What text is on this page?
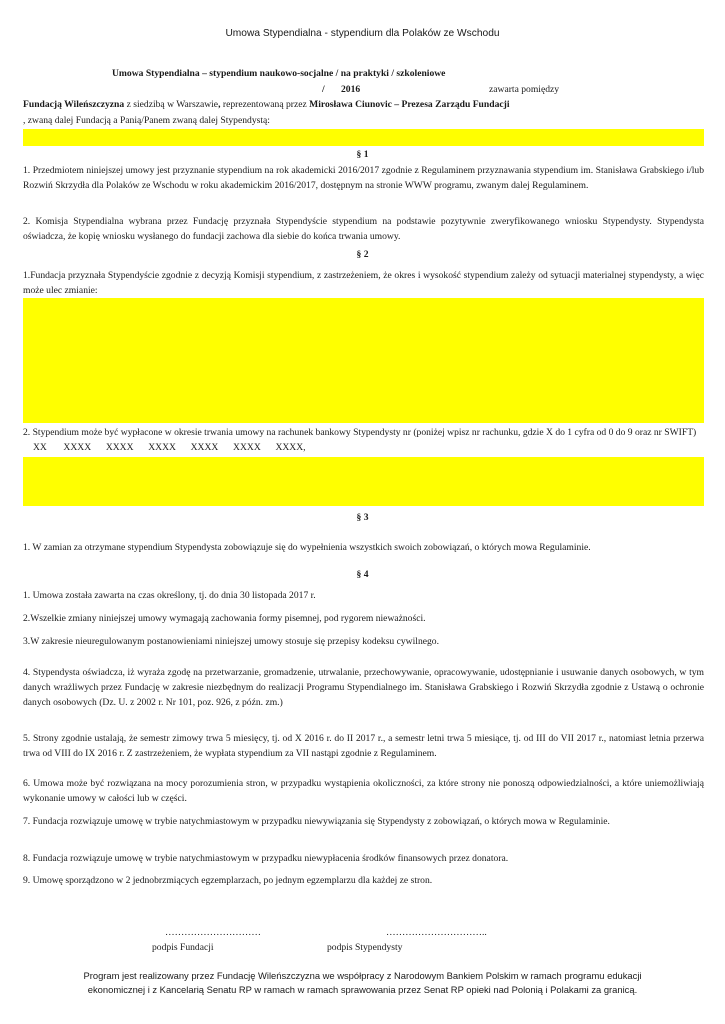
Umowa Stypendialna - stypendium dla Polaków ze Wschodu
Umowa Stypendialna – stypendium naukowo-socjalne / na praktyki / szkoleniowe
/ 2016	zawarta pomiędzy
Fundacją Wileńszczyzna z siedzibą w Warszawie, reprezentowaną przez Mirosława Ciunovic – Prezesa Zarządu Fundacji
, zwaną dalej Fundacją a Panią/Panem zwaną dalej Stypendystą:
§ 1
1. Przedmiotem niniejszej umowy jest przyznanie stypendium na rok akademicki 2016/2017 zgodnie z Regulaminem przyznawania stypendium im. Stanisława Grabskiego i/lub Rozwiń Skrzydła dla Polaków ze Wschodu w roku akademickim 2016/2017, dostępnym na stronie WWW programu, zwanym dalej Regulaminem.
2. Komisja Stypendialna wybrana przez Fundację przyznała Stypendyście stypendium na podstawie pozytywnie zweryfikowanego wniosku Stypendysty. Stypendysta oświadcza, że kopię wniosku wysłanego do fundacji zachowa dla siebie do końca trwania umowy.
§ 2
1.Fundacja przyznała Stypendyście zgodnie z decyzją Komisji stypendium, z zastrzeżeniem, że okres i wysokość stypendium zależy od sytuacji materialnej stypendysty, a więc może ulec zmianie:
2. Stypendium może być wypłacone w okresie trwania umowy na rachunek bankowy Stypendysty nr (poniżej wpisz nr rachunku, gdzie X do 1 cyfra od 0 do 9 oraz nr SWIFT) XX XXXX XXXX XXXX XXXX XXXX XXXX,
§ 3
1. W zamian za otrzymane stypendium Stypendysta zobowiązuje się do wypełnienia wszystkich swoich zobowiązań, o których mowa Regulaminie.
§ 4
1. Umowa została zawarta na czas określony, tj. do dnia 30 listopada 2017 r.
2.Wszelkie zmiany niniejszej umowy wymagają zachowania formy pisemnej, pod rygorem nieważności.
3.W zakresie nieuregulowanym postanowieniami niniejszej umowy stosuje się przepisy kodeksu cywilnego.
4. Stypendysta oświadcza, iż wyraża zgodę na przetwarzanie, gromadzenie, utrwalanie, przechowywanie, opracowywanie, udostępnianie i usuwanie danych osobowych, w tym danych wrażliwych przez Fundację w zakresie niezbędnym do realizacji Programu Stypendialnego im. Stanisława Grabskiego i Rozwiń Skrzydła zgodnie z Ustawą o ochronie danych osobowych (Dz. U. z 2002 r. Nr 101, poz. 926, z późn. zm.)
5. Strony zgodnie ustalają, że semestr zimowy trwa 5 miesięcy, tj. od X 2016 r. do II 2017 r., a semestr letni trwa 5 miesiące, tj. od III do VII 2017 r., natomiast letnia przerwa trwa od VIII do IX 2016 r. Z zastrzeżeniem, że wypłata stypendium za VII nastąpi zgodnie z Regulaminem.
6. Umowa może być rozwiązana na mocy porozumienia stron, w przypadku wystąpienia okoliczności, za które strony nie ponoszą odpowiedzialności, a które uniemożliwiają wykonanie umowy w całości lub w części.
7. Fundacja rozwiązuje umowę w trybie natychmiastowym w przypadku niewywiązania się Stypendysty z zobowiązań, o których mowa w Regulaminie.
8. Fundacja rozwiązuje umowę w trybie natychmiastowym w przypadku niewypłacenia środków finansowych przez donatora.
9. Umowę sporządzono w 2 jednobrzmiących egzemplarzach, po jednym egzemplarzu dla każdej ze stron.
…………………………	…………………………..
podpis Fundacji	podpis Stypendysty
Program jest realizowany przez Fundację Wileńszczyzna we współpracy z Narodowym Bankiem Polskim w ramach programu edukacji
ekonomicznej i z Kancelarią Senatu RP w ramach w ramach sprawowania przez Senat RP opieki nad Polonią i Polakami za granicą.
